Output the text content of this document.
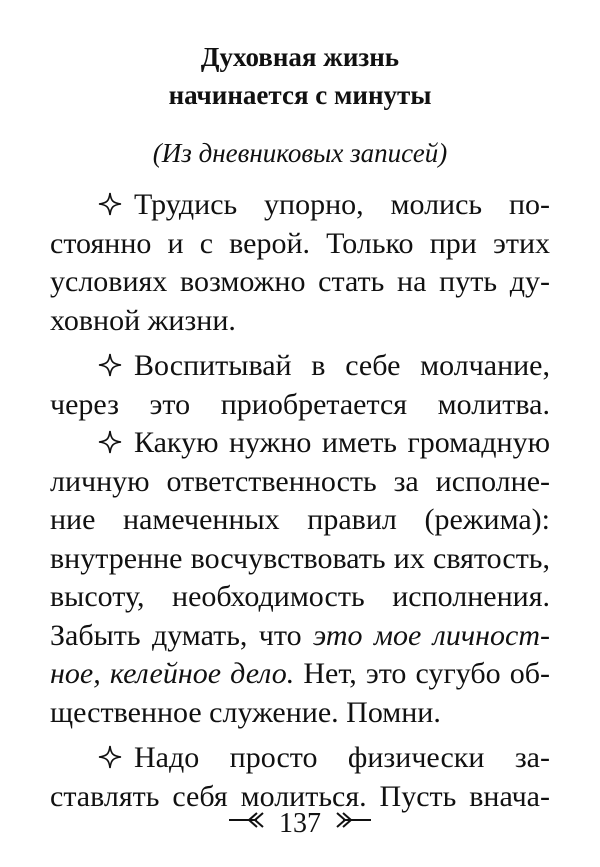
Духовная жизнь
начинается с минуты
(Из дневниковых записей)
Трудись упорно, молись по-
стоянно и с верой. Только при этих
условиях возможно стать на путь ду-
ховной жизни.
Воспитывай в себе молчание,
через это приобретается молитва.
Какую нужно иметь громадную
личную ответственность за исполне-
ние намеченных правил (режима):
внутренне восчувствовать их святость,
высоту, необходимость исполнения.
Забыть думать, что это мое личност-
ное, келейное дело. Нет, это сугубо об-
щественное служение. Помни.
Надо просто физически за-
ставлять себя молиться. Пусть внача-
137
